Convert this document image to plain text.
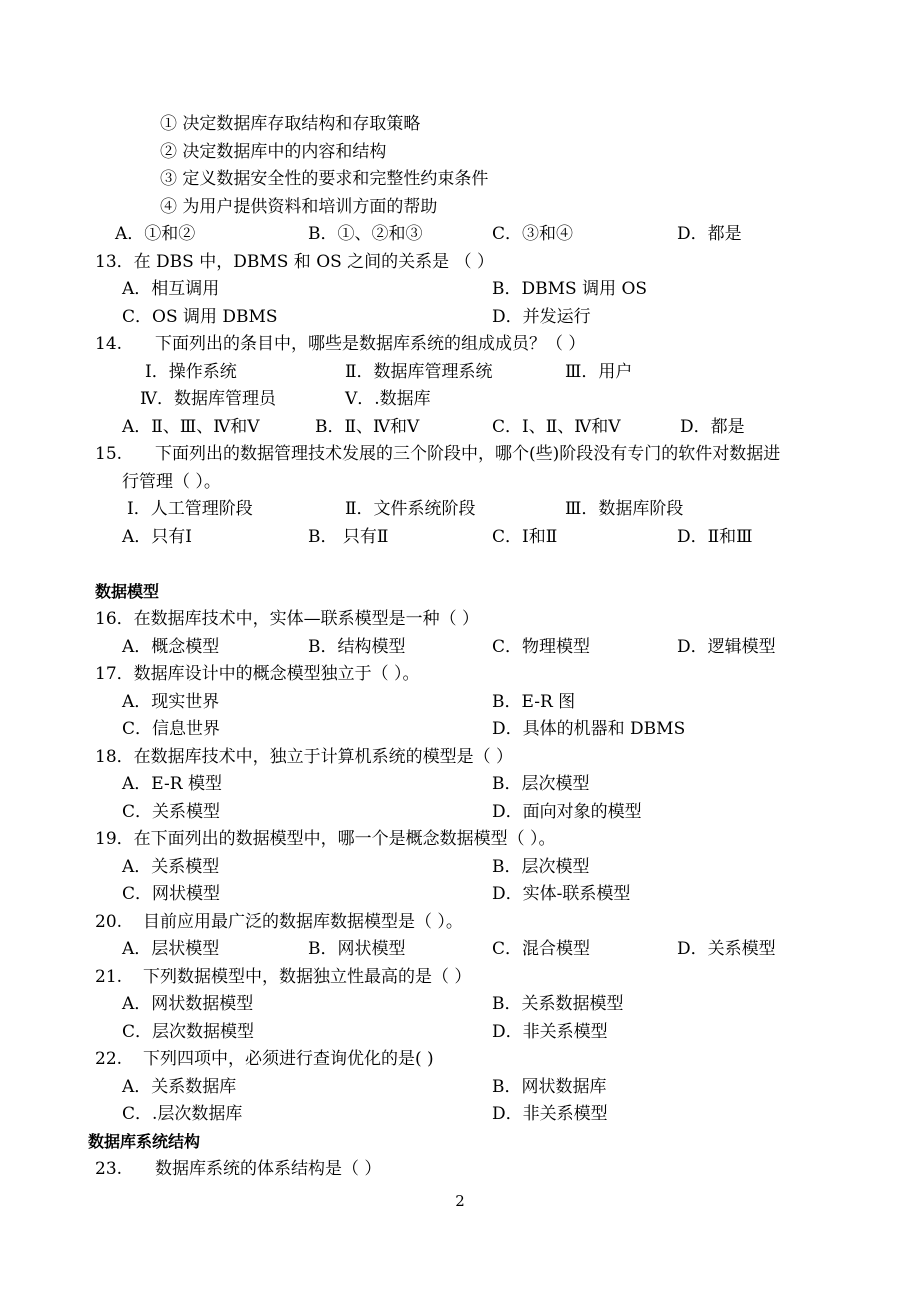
① 决定数据库存取结构和存取策略
② 决定数据库中的内容和结构
③ 定义数据安全性的要求和完整性约束条件
④ 为用户提供资料和培训方面的帮助
A．①和②	B．①、②和③	C．③和④	D．都是
13．在 DBS 中，DBMS 和 OS 之间的关系是 （ ）
A．相互调用	B．DBMS 调用 OS
C．OS 调用 DBMS	D．并发运行
14. 下面列出的条目中，哪些是数据库系统的组成成员？（ ）
Ⅰ．操作系统	Ⅱ．数据库管理系统	Ⅲ．用户
Ⅳ．数据库管理员	Ⅴ．.数据库
A．Ⅱ、Ⅲ、Ⅳ和Ⅴ	B．Ⅱ、Ⅳ和Ⅴ	C．Ⅰ、Ⅱ、Ⅳ和Ⅴ	D．都是
15. 下面列出的数据管理技术发展的三个阶段中，哪个(些)阶段没有专门的软件对数据进
行管理（ ）。
Ⅰ．人工管理阶段	Ⅱ．文件系统阶段	Ⅲ．数据库阶段
A．只有Ⅰ	B． 只有Ⅱ	C．Ⅰ和Ⅱ	D．Ⅱ和Ⅲ
数据模型
16．在数据库技术中，实体—联系模型是一种（ ）
A．概念模型	B．结构模型	C．物理模型	D．逻辑模型
17．数据库设计中的概念模型独立于（ ）。
A．现实世界	B．E-R 图
C．信息世界	D．具体的机器和 DBMS
18．在数据库技术中，独立于计算机系统的模型是（ ）
A．E-R 模型	B．层次模型
C．关系模型	D．面向对象的模型
19．在下面列出的数据模型中，哪一个是概念数据模型（ ）。
A．关系模型	B．层次模型
C．网状模型	D．实体-联系模型
20. 目前应用最广泛的数据库数据模型是（ ）。
A．层状模型	B．网状模型	C．混合模型	D．关系模型
21. 下列数据模型中，数据独立性最高的是（ ）
A．网状数据模型	B．关系数据模型
C．层次数据模型	D．非关系模型
22. 下列四项中，必须进行查询优化的是( )
A．关系数据库	B．网状数据库
C．.层次数据库	D．非关系模型
数据库系统结构
23. 数据库系统的体系结构是（ ）
2
